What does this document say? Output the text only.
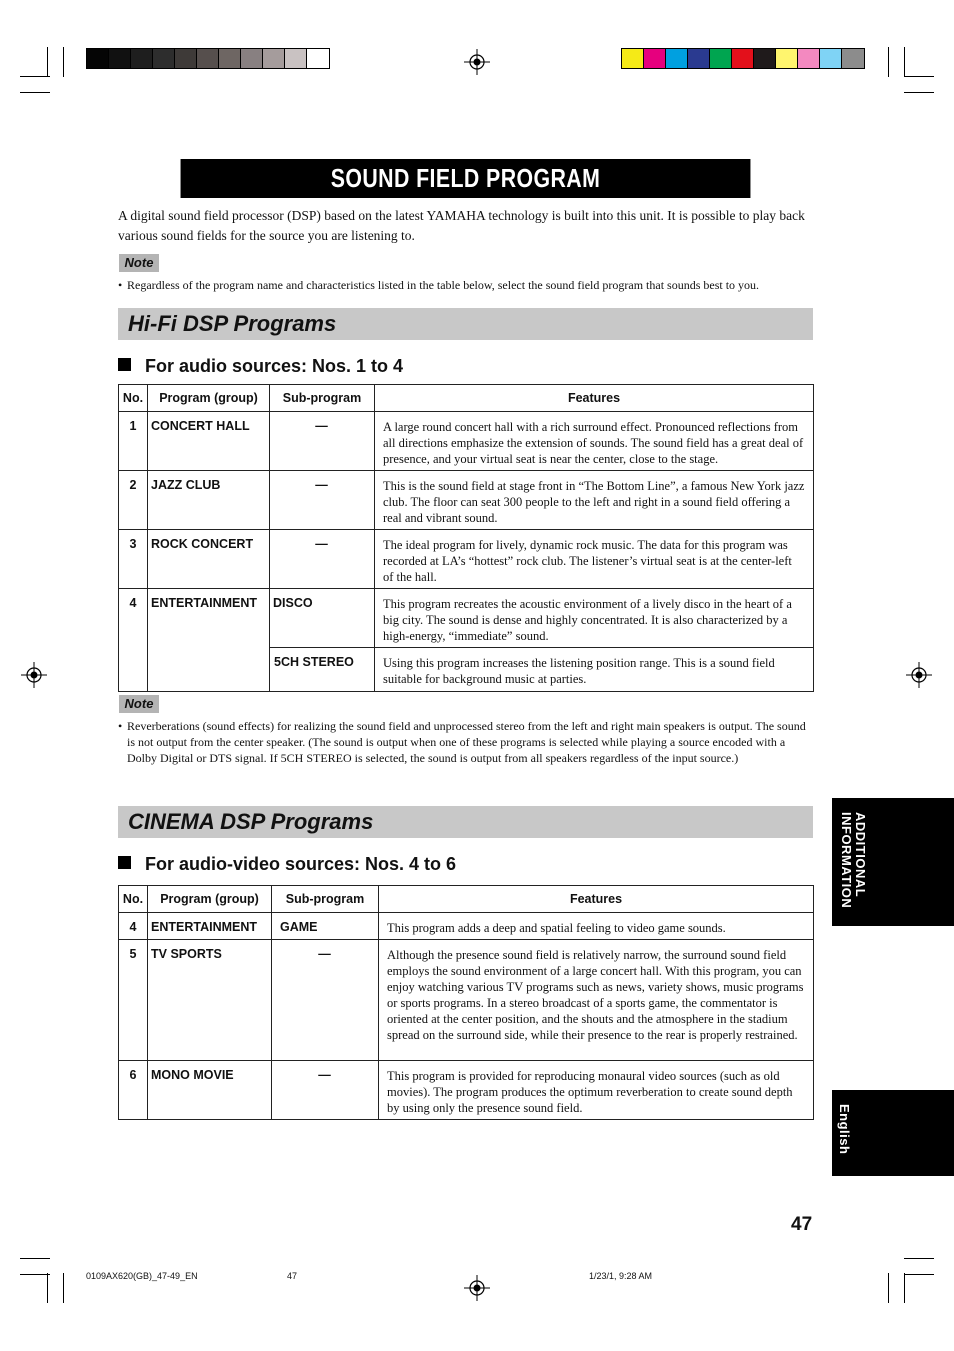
SOUND FIELD PROGRAM
A digital sound field processor (DSP) based on the latest YAMAHA technology is built into this unit. It is possible to play back various sound fields for the source you are listening to.
Note
• Regardless of the program name and characteristics listed in the table below, select the sound field program that sounds best to you.
Hi-Fi DSP Programs
For audio sources: Nos. 1 to 4
No.	Program (group)	Sub-program	Features
1	CONCERT HALL	—	A large round concert hall with a rich surround effect. Pronounced reflections from all directions emphasize the extension of sounds. The sound field has a great deal of presence, and your virtual seat is near the center, close to the stage.
2	JAZZ CLUB	—	This is the sound field at stage front in “The Bottom Line”, a famous New York jazz club. The floor can seat 300 people to the left and right in a sound field offering a real and vibrant sound.
3	ROCK CONCERT	—	The ideal program for lively, dynamic rock music. The data for this program was recorded at LA’s “hottest” rock club. The listener’s virtual seat is at the center-left of the hall.
4	ENTERTAINMENT	DISCO	This program recreates the acoustic environment of a lively disco in the heart of a big city. The sound is dense and highly concentrated. It is also characterized by a high-energy, “immediate” sound.
		5CH STEREO	Using this program increases the listening position range. This is a sound field suitable for background music at parties.
Note
• Reverberations (sound effects) for realizing the sound field and unprocessed stereo from the left and right main speakers is output. The sound is not output from the center speaker. (The sound is output when one of these programs is selected while playing a source encoded with a Dolby Digital or DTS signal. If 5CH STEREO is selected, the sound is output from all speakers regardless of the input source.)
CINEMA DSP Programs
For audio-video sources: Nos. 4 to 6
No.	Program (group)	Sub-program	Features
4	ENTERTAINMENT	GAME	This program adds a deep and spatial feeling to video game sounds.
5	TV SPORTS	—	Although the presence sound field is relatively narrow, the surround sound field employs the sound environment of a large concert hall. With this program, you can enjoy watching various TV programs such as news, variety shows, music programs or sports programs. In a stereo broadcast of a sports game, the commentator is oriented at the center position, and the shouts and the atmosphere in the stadium spread on the surround side, while their presence to the rear is properly restrained.
6	MONO MOVIE	—	This program is provided for reproducing monaural video sources (such as old movies). The program produces the optimum reverberation to create sound depth by using only the presence sound field.
ADDITIONAL INFORMATION
English
47
0109AX620(GB)_47-49_EN	47	1/23/1, 9:28 AM
